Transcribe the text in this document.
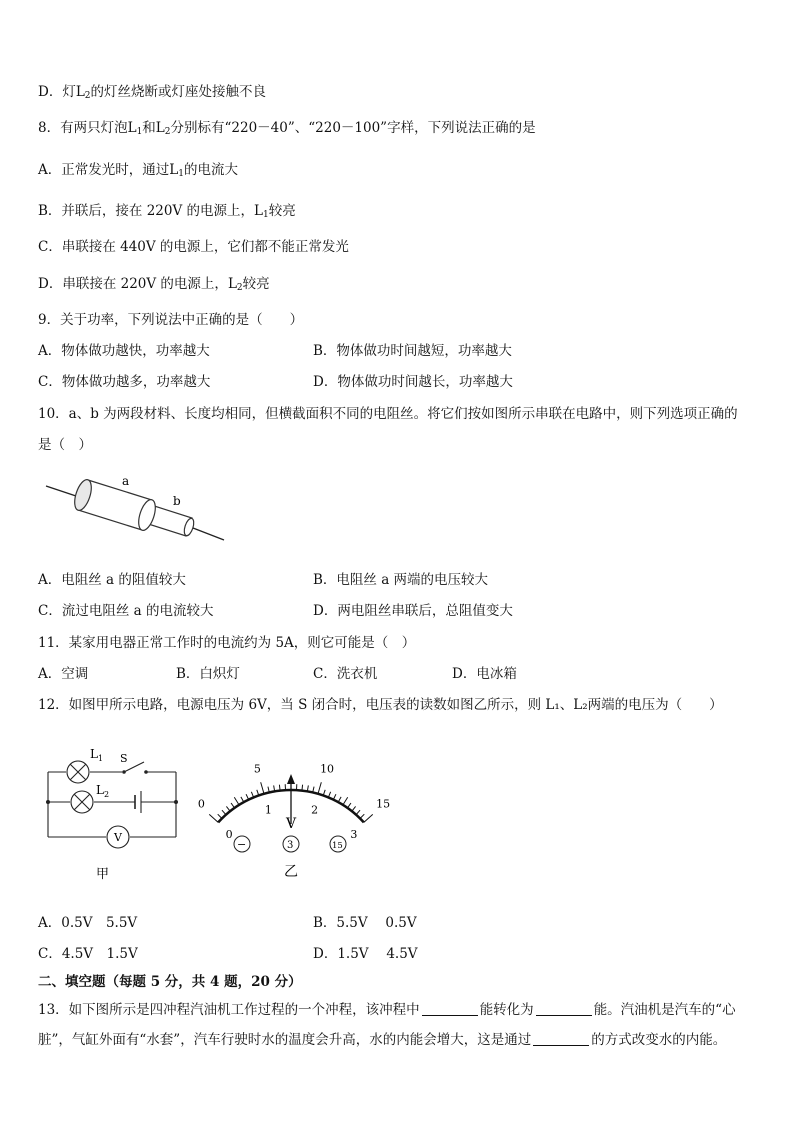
D．灯$L_2$的灯丝烧断或灯座处接触不良
8．有两只灯泡$L_1$和$L_2$分别标有“220－40”、“220－100”字样，下列说法正确的是
A．正常发光时，通过$L_1$的电流大
B．并联后，接在 220V 的电源上，$L_1$较亮
C．串联接在 440V 的电源上，它们都不能正常发光
D．串联接在 220V 的电源上，$L_2$较亮
9．关于功率，下列说法中正确的是（　　）
A．物体做功越快，功率越大	B．物体做功时间越短，功率越大
C．物体做功越多，功率越大	D．物体做功时间越长，功率越大
10．a、b 为两段材料、长度均相同，但横截面积不同的电阻丝。将它们按如图所示串联在电路中，则下列选项正确的
是（　）
a
b
A．电阻丝 a 的阻值较大	B．电阻丝 a 两端的电压较大
C．流过电阻丝 a 的电流较大	D．两电阻丝串联后，总阻值变大
11．某家用电器正常工作时的电流约为 5A，则它可能是（　）
A．空调	B．白炽灯	C．洗衣机	D．电冰箱
12．如图甲所示电路，电源电压为 6V，当 S 闭合时，电压表的读数如图乙所示，则 L₁、L₂两端的电压为（　　）
$L_1$ S
$L_2$
V
甲
0
5	10
15
0
1	2
3
V
−	3	15
乙
A．0.5V　5.5V	B．5.5V　 0.5V
C．4.5V　1.5V	D．1.5V　 4.5V
二、填空题（每题 5 分，共 4 题，20 分）
13．如下图所示是四冲程汽油机工作过程的一个冲程，该冲程中	能转化为	能。汽油机是汽车的“心
脏”，气缸外面有“水套”，汽车行驶时水的温度会升高，水的内能会增大，这是通过	的方式改变水的内能。
